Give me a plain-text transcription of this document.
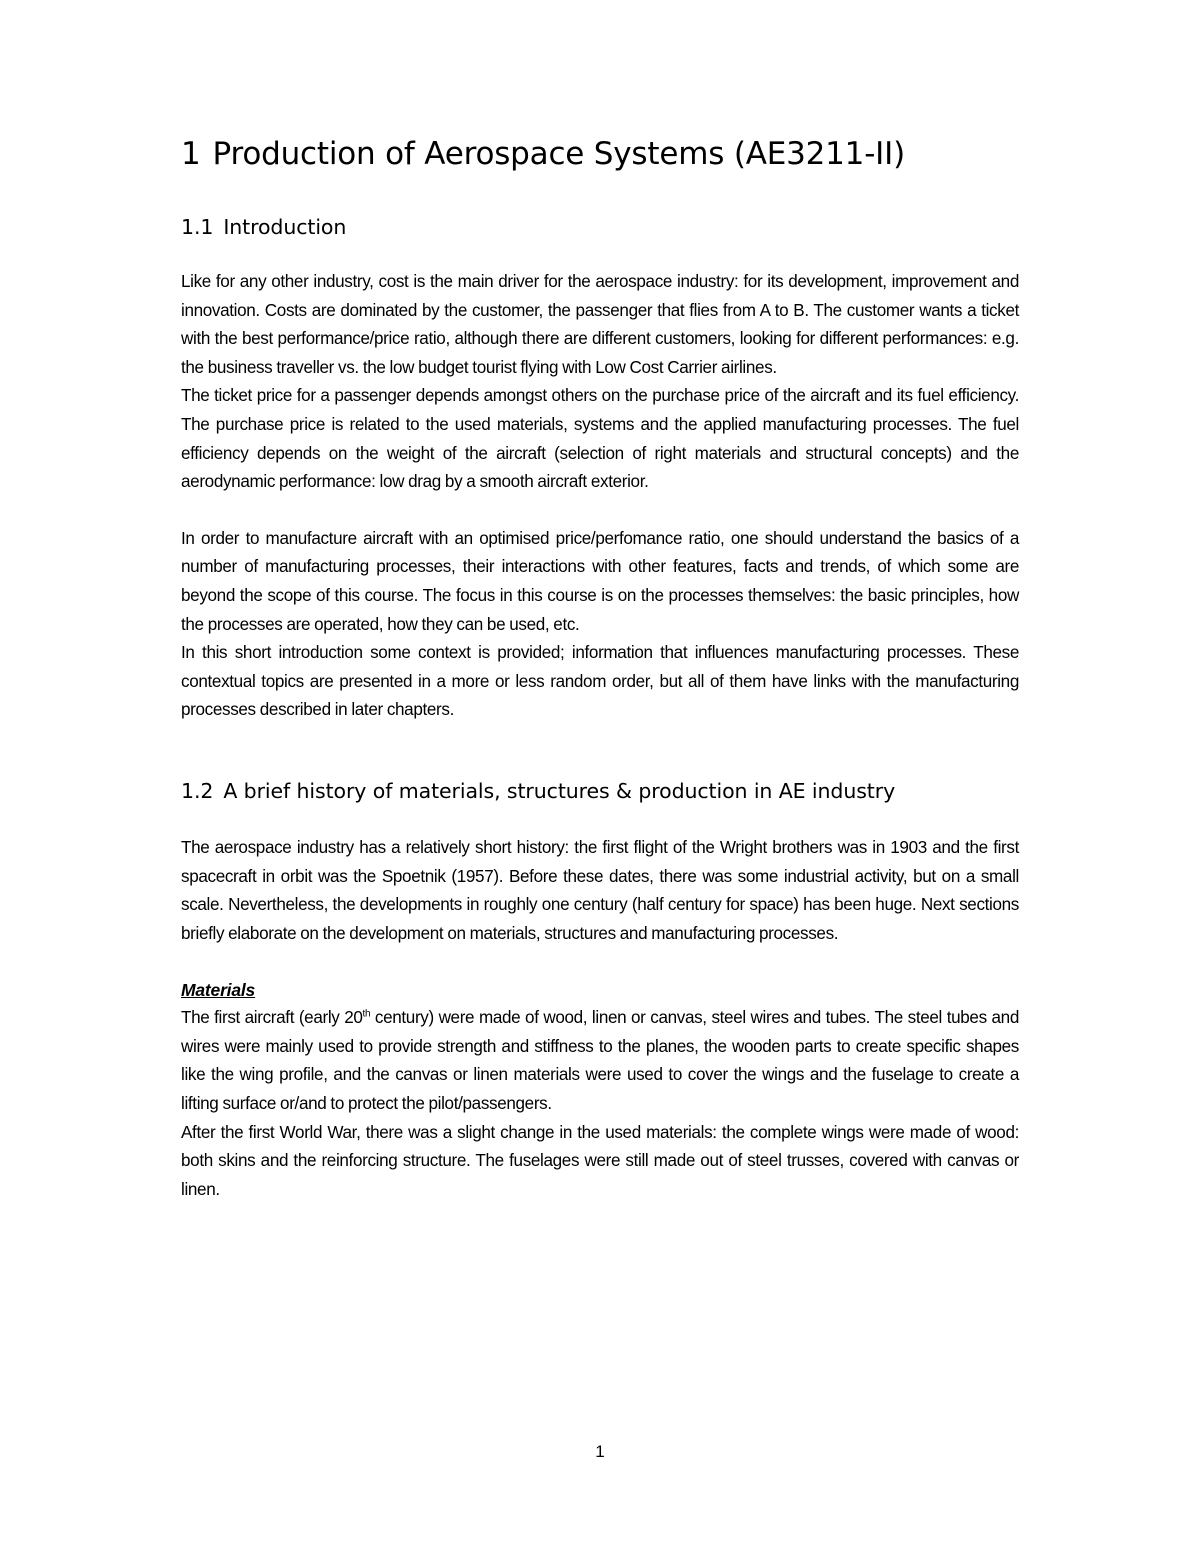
1 Production of Aerospace Systems (AE3211-II)
1.1 Introduction

Like for any other industry, cost is the main driver for the aerospace industry: for its development, improvement and innovation. Costs are dominated by the customer, the passenger that flies from A to B. The customer wants a ticket with the best performance/price ratio, although there are different customers, looking for different performances: e.g. the business traveller vs. the low budget tourist flying with Low Cost Carrier airlines.

The ticket price for a passenger depends amongst others on the purchase price of the aircraft and its fuel efficiency. The purchase price is related to the used materials, systems and the applied manufacturing processes. The fuel efficiency depends on the weight of the aircraft (selection of right materials and structural concepts) and the aerodynamic performance: low drag by a smooth aircraft exterior.

In order to manufacture aircraft with an optimised price/perfomance ratio, one should understand the basics of a number of manufacturing processes, their interactions with other features, facts and trends, of which some are beyond the scope of this course. The focus in this course is on the processes themselves: the basic principles, how the processes are operated, how they can be used, etc.

In this short introduction some context is provided; information that influences manufacturing processes. These contextual topics are presented in a more or less random order, but all of them have links with the manufacturing processes described in later chapters.

1.2 A brief history of materials, structures & production in AE industry

The aerospace industry has a relatively short history: the first flight of the Wright brothers was in 1903 and the first spacecraft in orbit was the Spoetnik (1957). Before these dates, there was some industrial activity, but on a small scale. Nevertheless, the developments in roughly one century (half century for space) has been huge. Next sections briefly elaborate on the development on materials, structures and manufacturing processes.

Materials

The first aircraft (early 20th century) were made of wood, linen or canvas, steel wires and tubes. The steel tubes and wires were mainly used to provide strength and stiffness to the planes, the wooden parts to create specific shapes like the wing profile, and the canvas or linen materials were used to cover the wings and the fuselage to create a lifting surface or/and to protect the pilot/passengers.

After the first World War, there was a slight change in the used materials: the complete wings were made of wood: both skins and the reinforcing structure. The fuselages were still made out of steel trusses, covered with canvas or linen.

1
